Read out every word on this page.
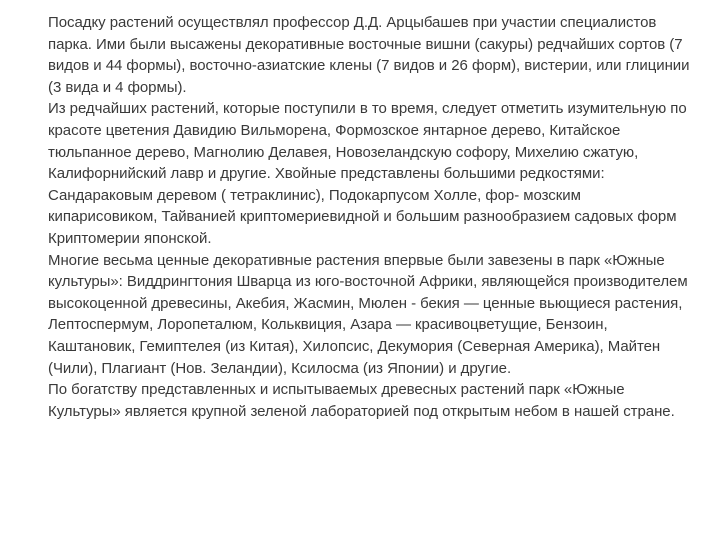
Посадку растений осуществлял профессор Д.Д. Арцыбашев при участии специалистов парка. Ими были высажены декоративные восточные вишни (сакуры) редчайших сортов (7 видов и 44 формы), восточно-азиатские клены (7 видов и 26 форм), вистерии, или глицинии (3 вида и 4 формы).

Из редчайших растений, которые поступили в то время, следует отметить изумительную по красоте цветения Давидию Вильморена, Формозское янтарное дерево, Китайское тюльпанное дерево, Магнолию Делавея, Новозеландскую софору, Михелию сжатую, Калифорнийский лавр и другие. Хвойные представлены большими редкостями: Сандараковым деревом ( тетраклинис), Подокарпусом Холле, фор- мозским кипарисовиком, Тайванией криптомериевидной и большим разнообразием садовых форм Криптомерии японской.

Многие весьма ценные декоративные растения впервые были завезены в парк «Южные культуры»: Виддрингтония Шварца из юго-восточной Африки, являющейся производителем высокоценной древесины, Акебия, Жасмин, Мюлен - бекия — ценные вьющиеся растения, Лептоспермум, Лоропеталюм, Кольквиция, Азара — красивоцветущие, Бензоин, Каштановик, Гемиптелея (из Китая), Хилопсис, Декумория (Северная Америка), Майтен (Чили), Плагиант (Нов. Зеландии), Ксилосма (из Японии) и другие.

По богатству представленных и испытываемых древесных растений парк «Южные Культуры» является крупной зеленой лабораторией под открытым небом в нашей стране.
